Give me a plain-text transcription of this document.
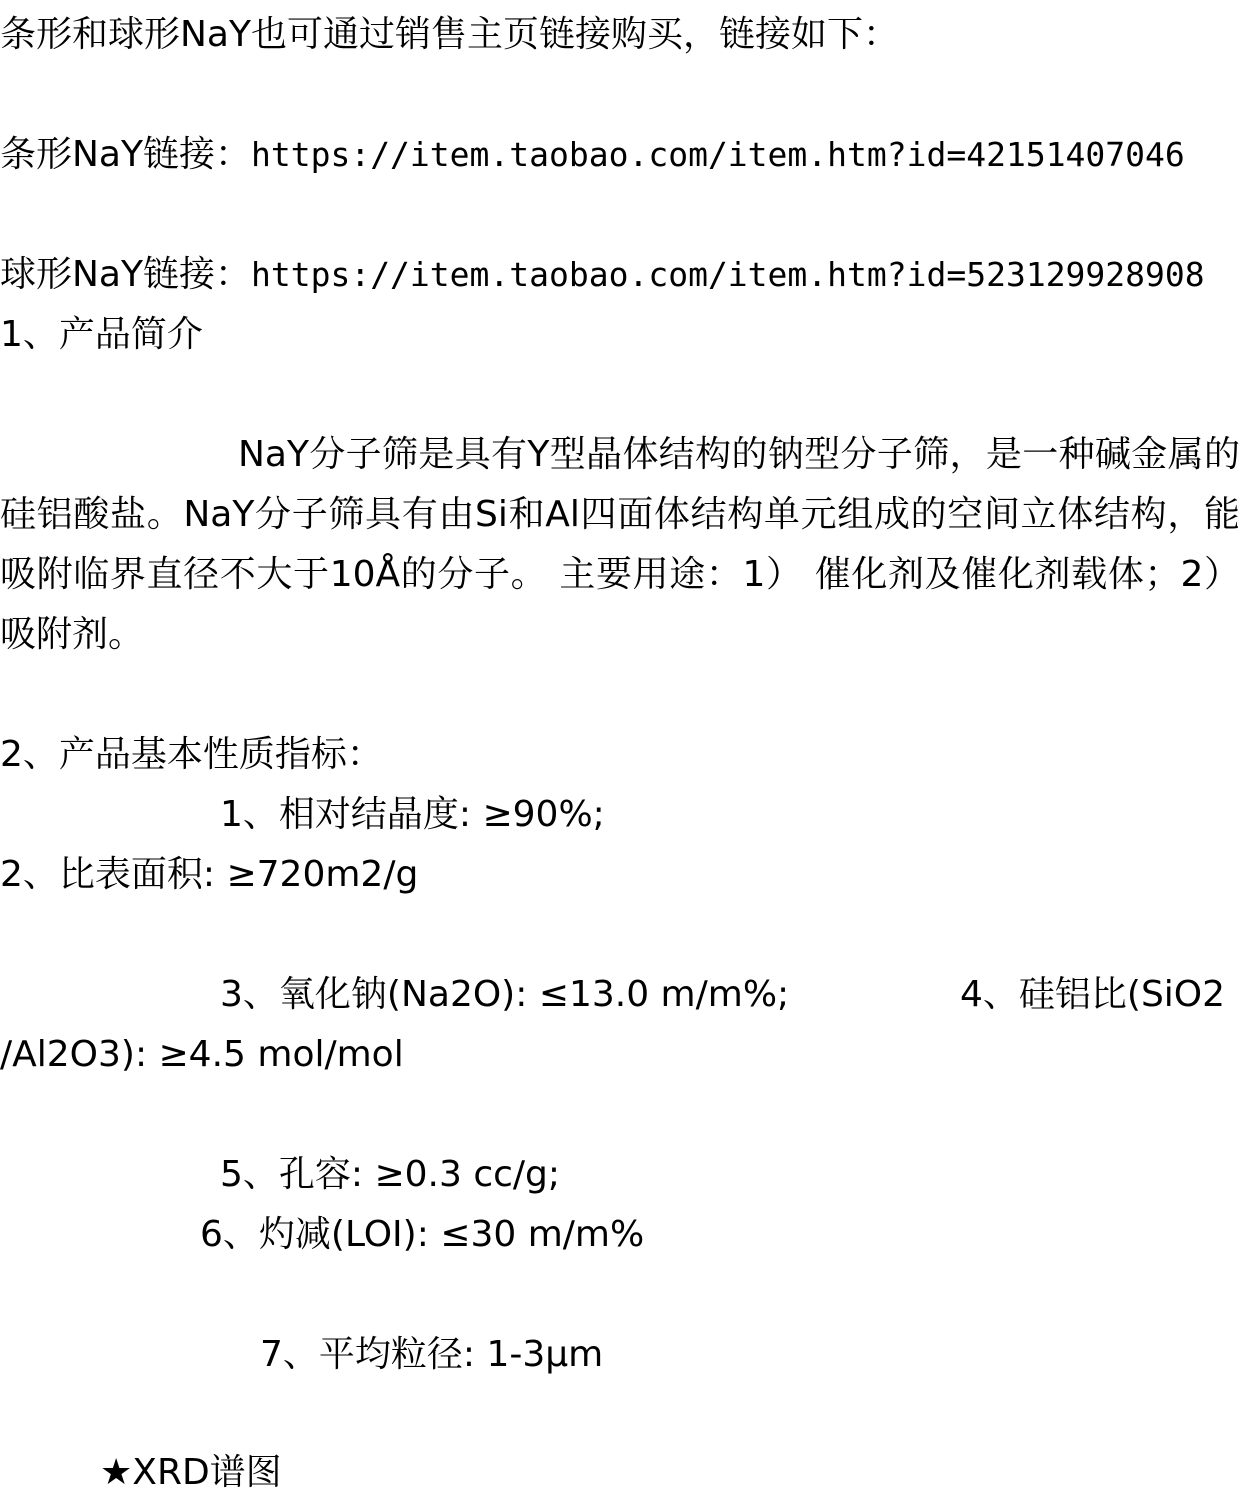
条形和球形NaY也可通过销售主页链接购买，链接如下：
条形NaY链接：https://item.taobao.com/item.htm?id=42151407046
球形NaY链接：https://item.taobao.com/item.htm?id=523129928908
1、产品简介
NaY分子筛是具有Y型晶体结构的钠型分子筛，是一种碱金属的硅铝酸盐。NaY分子筛具有由Si和Al四面体结构单元组成的空间立体结构，能吸附临界直径不大于10Å的分子。 主要用途：1） 催化剂及催化剂载体；2） 吸附剂。
2、产品基本性质指标：
1、相对结晶度: ≥90%;
2、比表面积: ≥720m2/g
3、氧化钠(Na2O): ≤13.0 m/m%;	4、硅铝比(SiO2
/Al2O3): ≥4.5 mol/mol
5、孔容: ≥0.3 cc/g;
6、灼减(LOI): ≤30 m/m%
7、平均粒径: 1-3μm
★XRD谱图
